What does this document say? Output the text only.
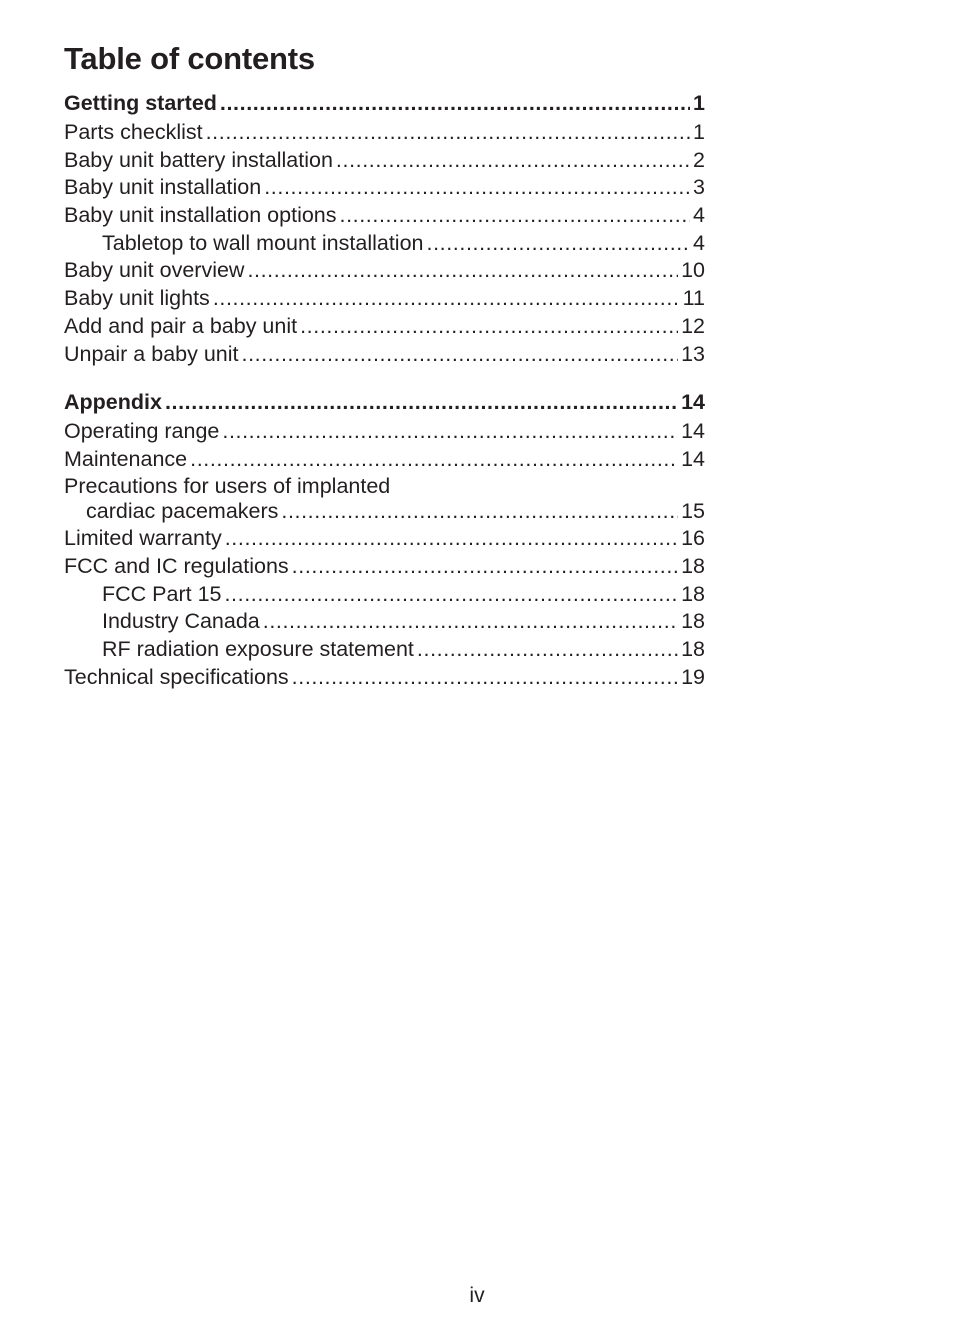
Table of contents
Getting started .....	1
Parts checklist .....	1
Baby unit battery installation .....	2
Baby unit installation .....	3
Baby unit installation options .....	4
Tabletop to wall mount installation .....	4
Baby unit overview .....	10
Baby unit lights .....	11
Add and pair a baby unit .....	12
Unpair a baby unit .....	13
Appendix .....	14
Operating range .....	14
Maintenance .....	14
Precautions for users of implanted
cardiac pacemakers .....	15
Limited warranty .....	16
FCC and IC regulations .....	18
FCC Part 15 .....	18
Industry Canada .....	18
RF radiation exposure statement .....	18
Technical specifications .....	19
iv
